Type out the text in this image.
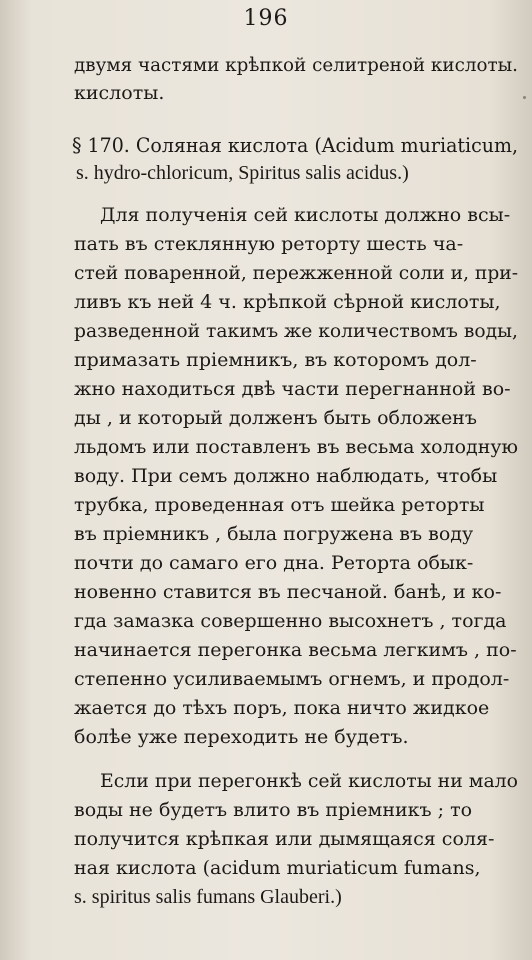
196
двумя частями крѣпкой селитреной кислоты.
кислоты.
§ 170. Соляная кислота (Acidum muriaticum,
s. hydro-chloricum, Spiritus salis acidus.)
Для полученія сей кислоты должно всы-
пать въ стеклянную реторту шесть ча-
стей поваренной, пережженной соли и, при-
ливъ къ ней 4 ч. крѣпкой сѣрной кислоты,
разведенной такимъ же количествомъ воды,
примазать пріемникъ, въ которомъ дол-
жно находиться двѣ части перегнанной во-
ды , и который долженъ быть обложенъ
льдомъ или поставленъ въ весьма холодную
воду. При семъ должно наблюдать, чтобы
трубка, проведенная отъ шейка реторты
въ пріемникъ , была погружена въ воду
почти до самаго его дна. Реторта обык-
новенно ставится въ песчаной. банѣ, и ко-
гда замазка совершенно высохнетъ , тогда
начинается перегонка весьма легкимъ , по-
степенно усиливаемымъ огнемъ, и продол-
жается до тѣхъ поръ, пока ничто жидкое
болѣе уже переходить не будетъ.
Если при перегонкѣ сей кислоты ни мало
воды не будетъ влито въ пріемникъ ; то
получится крѣпкая или дымящаяся соля-
ная кислота (acidum muriaticum fumans,
s. spiritus salis fumans Glauberi.)
